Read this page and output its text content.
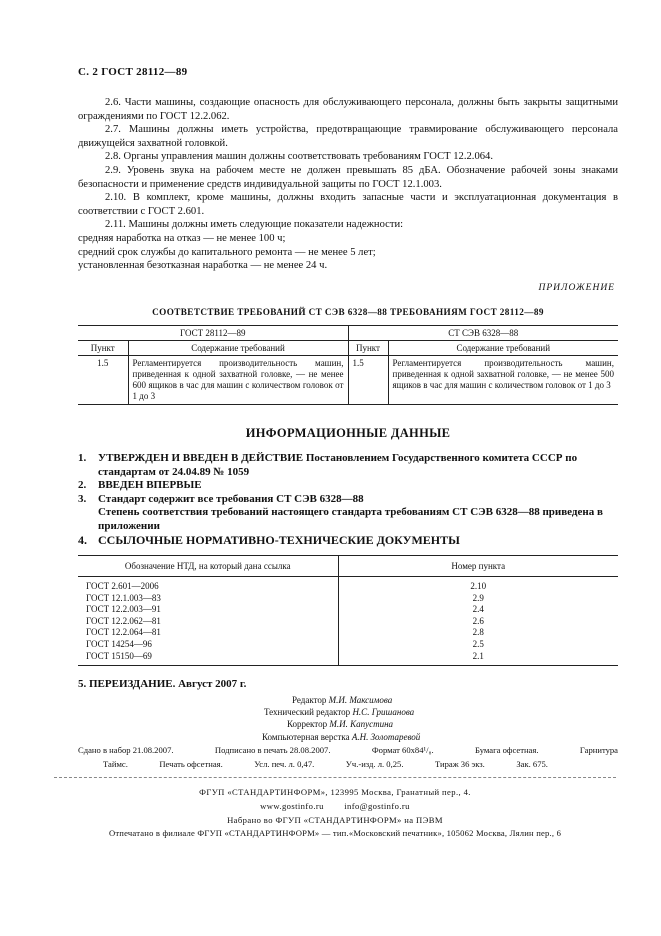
С. 2 ГОСТ 28112—89

2.6. Части машины, создающие опасность для обслуживающего персонала, должны быть закрыты защитными ограждениями по ГОСТ 12.2.062.

2.7. Машины должны иметь устройства, предотвращающие травмирование обслуживающего персонала движущейся захватной головкой.

2.8. Органы управления машин должны соответствовать требованиям ГОСТ 12.2.064.

2.9. Уровень звука на рабочем месте не должен превышать 85 дБА. Обозначение рабочей зоны знаками безопасности и применение средств индивидуальной защиты по ГОСТ 12.1.003.

2.10. В комплект, кроме машины, должны входить запасные части и эксплуатационная документация в соответствии с ГОСТ 2.601.

2.11. Машины должны иметь следующие показатели надежности:

средняя наработка на отказ — не менее 100 ч;

средний срок службы до капитального ремонта — не менее 5 лет;

установленная безотказная наработка — не менее 24 ч.

ПРИЛОЖЕНИЕ
СООТВЕТСТВИЕ ТРЕБОВАНИЙ СТ СЭВ 6328—88 ТРЕБОВАНИЯМ ГОСТ 28112—89
ГОСТ 28112—89		СТ СЭВ 6328—88	
Пункт	Содержание требований	Пункт	Содержание требований
1.5	Регламентируется производительность машин, приведенная к одной захватной головке, — не менее 600 ящиков в час для машин с количеством головок от 1 до 3	1.5	Регламентируется производительность машин, приведенная к одной захватной головке, — не менее 500 ящиков в час для машин с количеством головок от 1 до 3
ИНФОРМАЦИОННЫЕ ДАННЫЕ
1.	УТВЕРЖДЕН И ВВЕДЕН В ДЕЙСТВИЕ Постановлением Государственного комитета СССР по стандартам от 24.04.89 № 1059
2.	ВВЕДЕН ВПЕРВЫЕ
3.	Стандарт содержит все требования СТ СЭВ 6328—88
Степень соответствия требований настоящего стандарта требованиям СТ СЭВ 6328—88 приведена в приложении
4. ССЫЛОЧНЫЕ НОРМАТИВНО-ТЕХНИЧЕСКИЕ ДОКУМЕНТЫ
Обозначение НТД, на который дана ссылка	Номер пункта
ГОСТ 2.601—2006	2.10
ГОСТ 12.1.003—83	2.9
ГОСТ 12.2.003—91	2.4
ГОСТ 12.2.062—81	2.6
ГОСТ 12.2.064—81	2.8
ГОСТ 14254—96	2.5
ГОСТ 15150—69	2.1
5. ПЕРЕИЗДАНИЕ. Август 2007 г.
Редактор М.И. Максимова
Технический редактор Н.С. Гришанова
Корректор М.И. Капустина
Компьютерная верстка А.Н. Золотаревой
Сдано в набор 21.08.2007.	Подписано в печать 28.08.2007.	Формат 60x84¹/₈.	Бумага офсетная.	Гарнитура
Таймс.	Печать офсетная.	Усл. печ. л. 0,47.	Уч.-изд. л. 0,25.	Тираж 36 экз.	Зак. 675.
ФГУП «СТАНДАРТИНФОРМ», 123995 Москва, Гранатный пер., 4.
www.gostinfo.ru        info@gostinfo.ru
Набрано во ФГУП «СТАНДАРТИНФОРМ» на ПЭВМ
Отпечатано в филиале ФГУП «СТАНДАРТИНФОРМ» — тип.«Московский печатник», 105062 Москва, Лялин пер., 6
